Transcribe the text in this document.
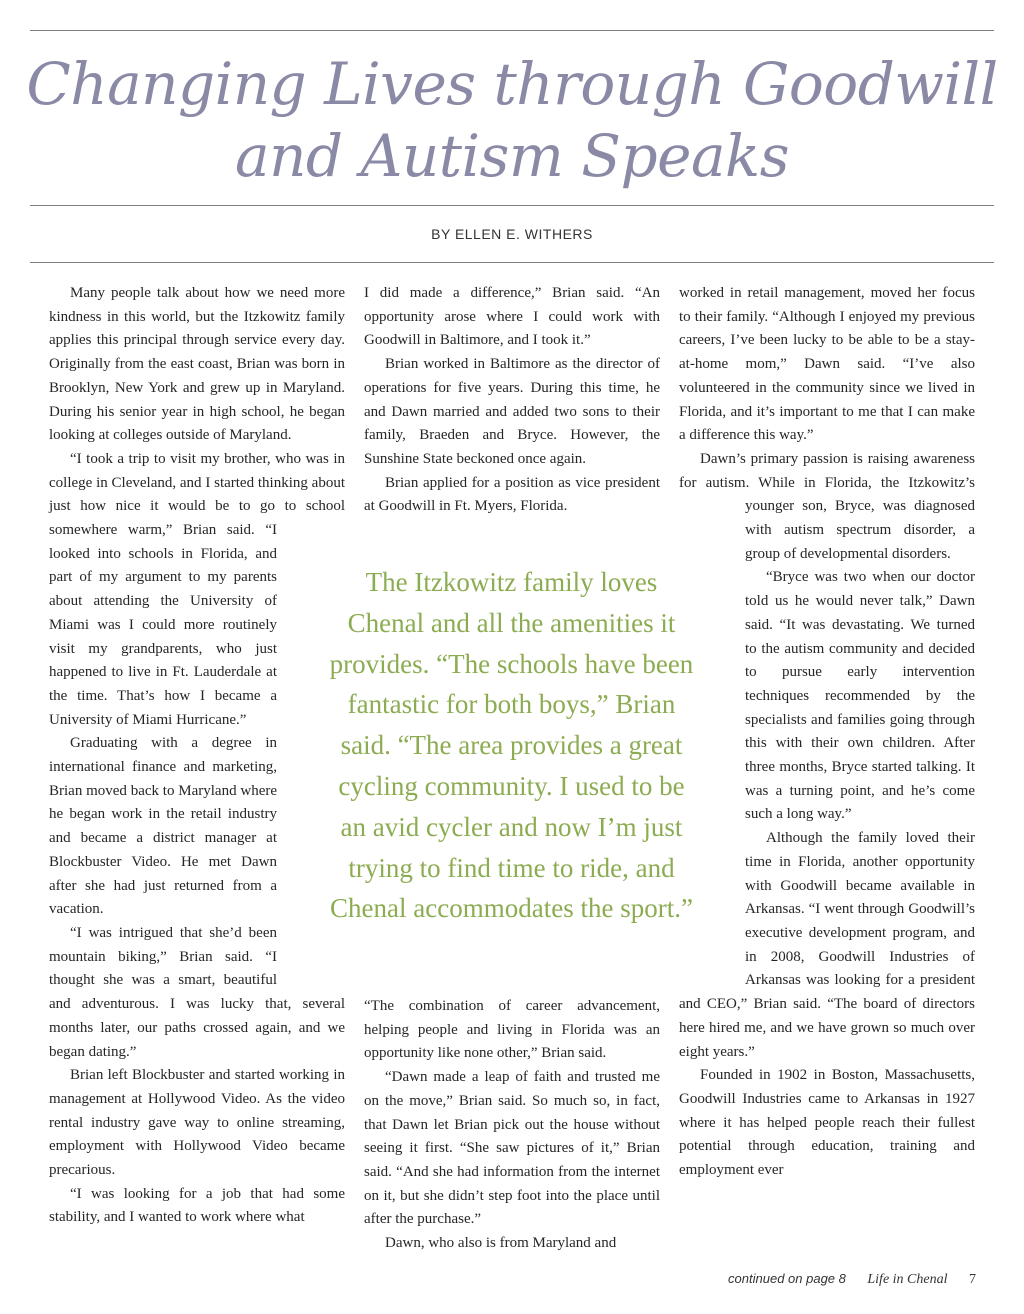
Changing Lives through Goodwill
and Autism Speaks
BY ELLEN E. WITHERS

Many people talk about how we need more kindness in this world, but the Itzkowitz family applies this principal through service every day. Originally from the east coast, Brian was born in Brooklyn, New York and grew up in Maryland. During his senior year in high school, he began looking at colleges outside of Maryland.

“I took a trip to visit my brother, who was in college in Cleveland, and I started thinking about just how nice it would be to go to school somewhere warm,” Brian said. “I looked into schools in Florida, and part of my argument to my parents about attending the University of Miami was I could more routinely visit my grandparents, who just happened to live in Ft. Lauderdale at the time. That’s how I became a University of Miami Hurricane.”

Graduating with a degree in international finance and marketing, Brian moved back to Maryland where he began work in the retail industry and became a district manager at Blockbuster Video. He met Dawn after she had just returned from a vacation.

“I was intrigued that she’d been mountain biking,” Brian said. “I thought she was a smart, beautiful and adventurous. I was lucky that, several months later, our paths crossed again, and we began dating.”

Brian left Blockbuster and started working in management at Hollywood Video. As the video rental industry gave way to online streaming, employment with Hollywood Video became precarious.

“I was looking for a job that had some stability, and I wanted to work where what

I did made a difference,” Brian said. “An opportunity arose where I could work with Goodwill in Baltimore, and I took it.”

Brian worked in Baltimore as the director of operations for five years. During this time, he and Dawn married and added two sons to their family, Braeden and Bryce. However, the Sunshine State beckoned once again.

Brian applied for a position as vice president at Goodwill in Ft. Myers, Florida.

The Itzkowitz family loves Chenal and all the amenities it provides. “The schools have been fantastic for both boys,” Brian said. “The area provides a great cycling community. I used to be an avid cycler and now I’m just trying to find time to ride, and Chenal accommodates the sport.”

“The combination of career advancement, helping people and living in Florida was an opportunity like none other,” Brian said.

“Dawn made a leap of faith and trusted me on the move,” Brian said. So much so, in fact, that Dawn let Brian pick out the house without seeing it first. “She saw pictures of it,” Brian said. “And she had information from the internet on it, but she didn’t step foot into the place until after the purchase.”

Dawn, who also is from Maryland and

worked in retail management, moved her focus to their family. “Although I enjoyed my previous careers, I’ve been lucky to be able to be a stay-at-home mom,” Dawn said. “I’ve also volunteered in the community since we lived in Florida, and it’s important to me that I can make a difference this way.”

Dawn’s primary passion is raising awareness for autism. While in Florida, the Itzkowitz’s younger son, Bryce, was diagnosed with autism spectrum disorder, a group of developmental disorders.

“Bryce was two when our doctor told us he would never talk,” Dawn said. “It was devastating. We turned to the autism community and decided to pursue early intervention techniques recommended by the specialists and families going through this with their own children. After three months, Bryce started talking. It was a turning point, and he’s come such a long way.”

Although the family loved their time in Florida, another opportunity with Goodwill became available in Arkansas. “I went through Goodwill’s executive development program, and in 2008, Goodwill Industries of Arkansas was looking for a president and CEO,” Brian said. “The board of directors here hired me, and we have grown so much over eight years.”

Founded in 1902 in Boston, Massachusetts, Goodwill Industries came to Arkansas in 1927 where it has helped people reach their fullest potential through education, training and employment ever

continued on page 8 Life in Chenal 7
